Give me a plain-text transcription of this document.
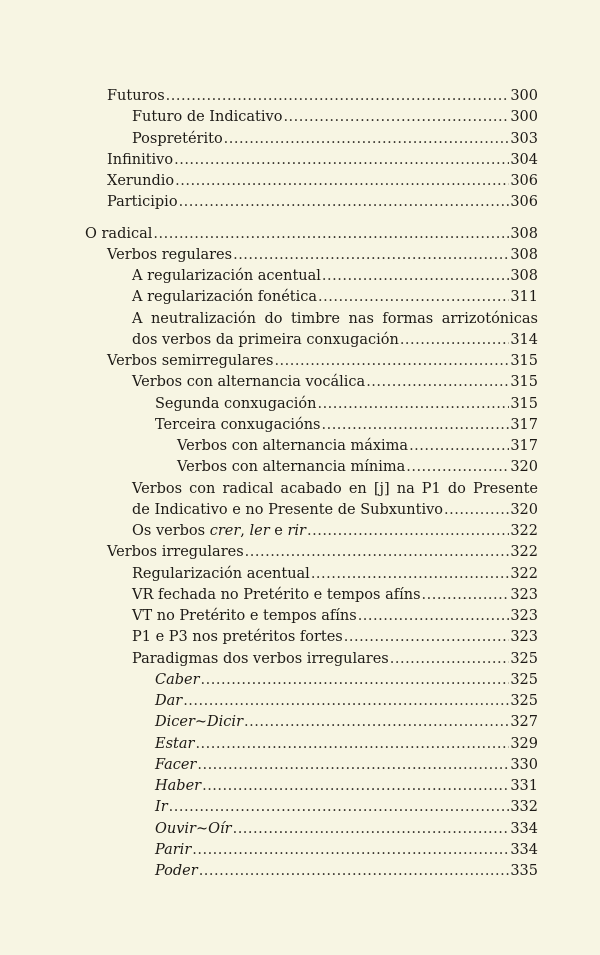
Futuros .....	300
Futuro de Indicativo .....	300
Pospretérito .....	303
Infinitivo .....	304
Xerundio .....	306
Participio .....	306
O radical .....	308
Verbos regulares .....	308
A regularización acentual .....	308
A regularización fonética .....	311
A neutralización do timbre nas formas arrizotónicas
dos verbos da primeira conxugación .....	314
Verbos semirregulares .....	315
Verbos con alternancia vocálica .....	315
Segunda conxugación .....	315
Terceira conxugacións .....	317
Verbos con alternancia máxima .....	317
Verbos con alternancia mínima .....	320
Verbos con radical acabado en [j] na P1 do Presente
de Indicativo e no Presente de Subxuntivo .....	320
Os verbos crer, ler e rir .....	322
Verbos irregulares .....	322
Regularización acentual .....	322
VR fechada no Pretérito e tempos afíns .....	323
VT no Pretérito e tempos afíns .....	323
P1 e P3 nos pretéritos fortes .....	323
Paradigmas dos verbos irregulares .....	325
Caber .....	325
Dar .....	325
Dicer~Dicir .....	327
Estar .....	329
Facer .....	330
Haber .....	331
Ir .....	332
Ouvir~Oír .....	334
Parir .....	334
Poder .....	335
